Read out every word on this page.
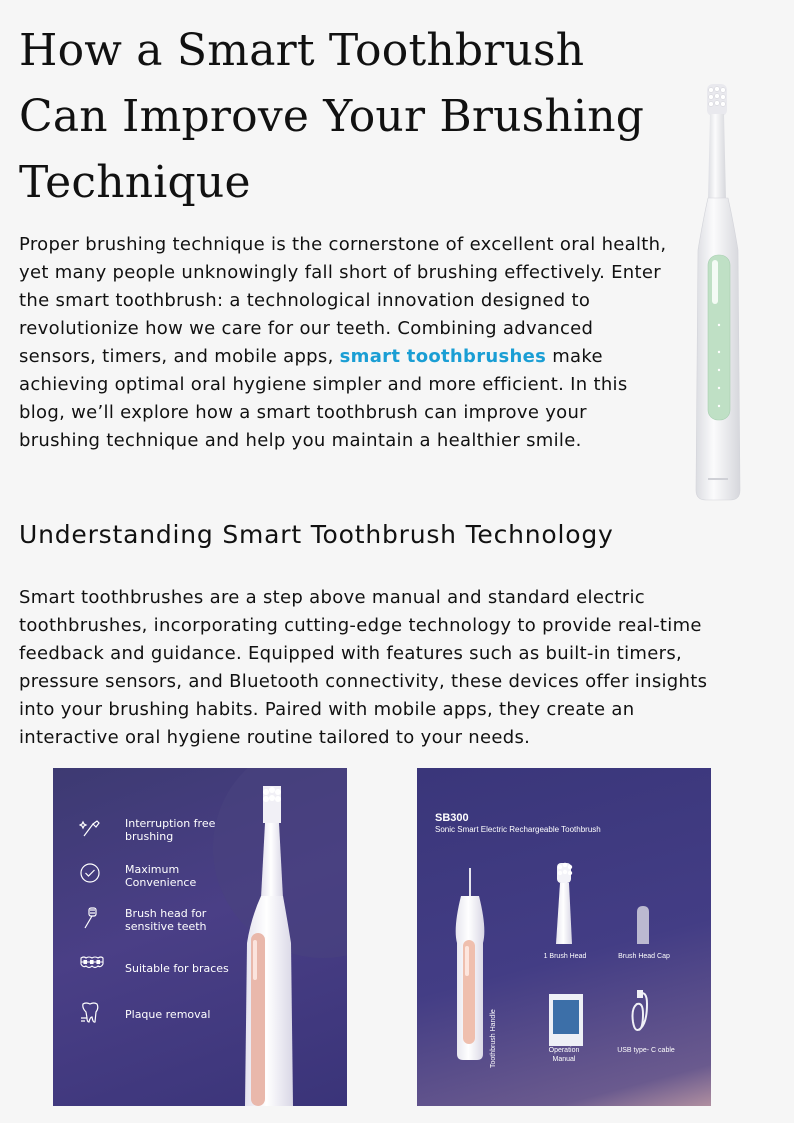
How a Smart Toothbrush Can Improve Your Brushing Technique

Proper brushing technique is the cornerstone of excellent oral health, yet many people unknowingly fall short of brushing effectively. Enter the smart toothbrush: a technological innovation designed to revolutionize how we care for our teeth. Combining advanced sensors, timers, and mobile apps, smart toothbrushes make achieving optimal oral hygiene simpler and more efficient. In this blog, we’ll explore how a smart toothbrush can improve your brushing technique and help you maintain a healthier smile.

Understanding Smart Toothbrush Technology

Smart toothbrushes are a step above manual and standard electric toothbrushes, incorporating cutting-edge technology to provide real-time feedback and guidance. Equipped with features such as built-in timers, pressure sensors, and Bluetooth connectivity, these devices offer insights into your brushing habits. Paired with mobile apps, they create an interactive oral hygiene routine tailored to your needs.

Interruption free brushing
Maximum Convenience
Brush head for sensitive teeth
Suitable for braces
Plaque removal
SB300
Sonic Smart Electric Rechargeable Toothbrush
Toothbrush Handle
1 Brush Head	Brush Head Cap
Operation Manual
USB type- C cable
